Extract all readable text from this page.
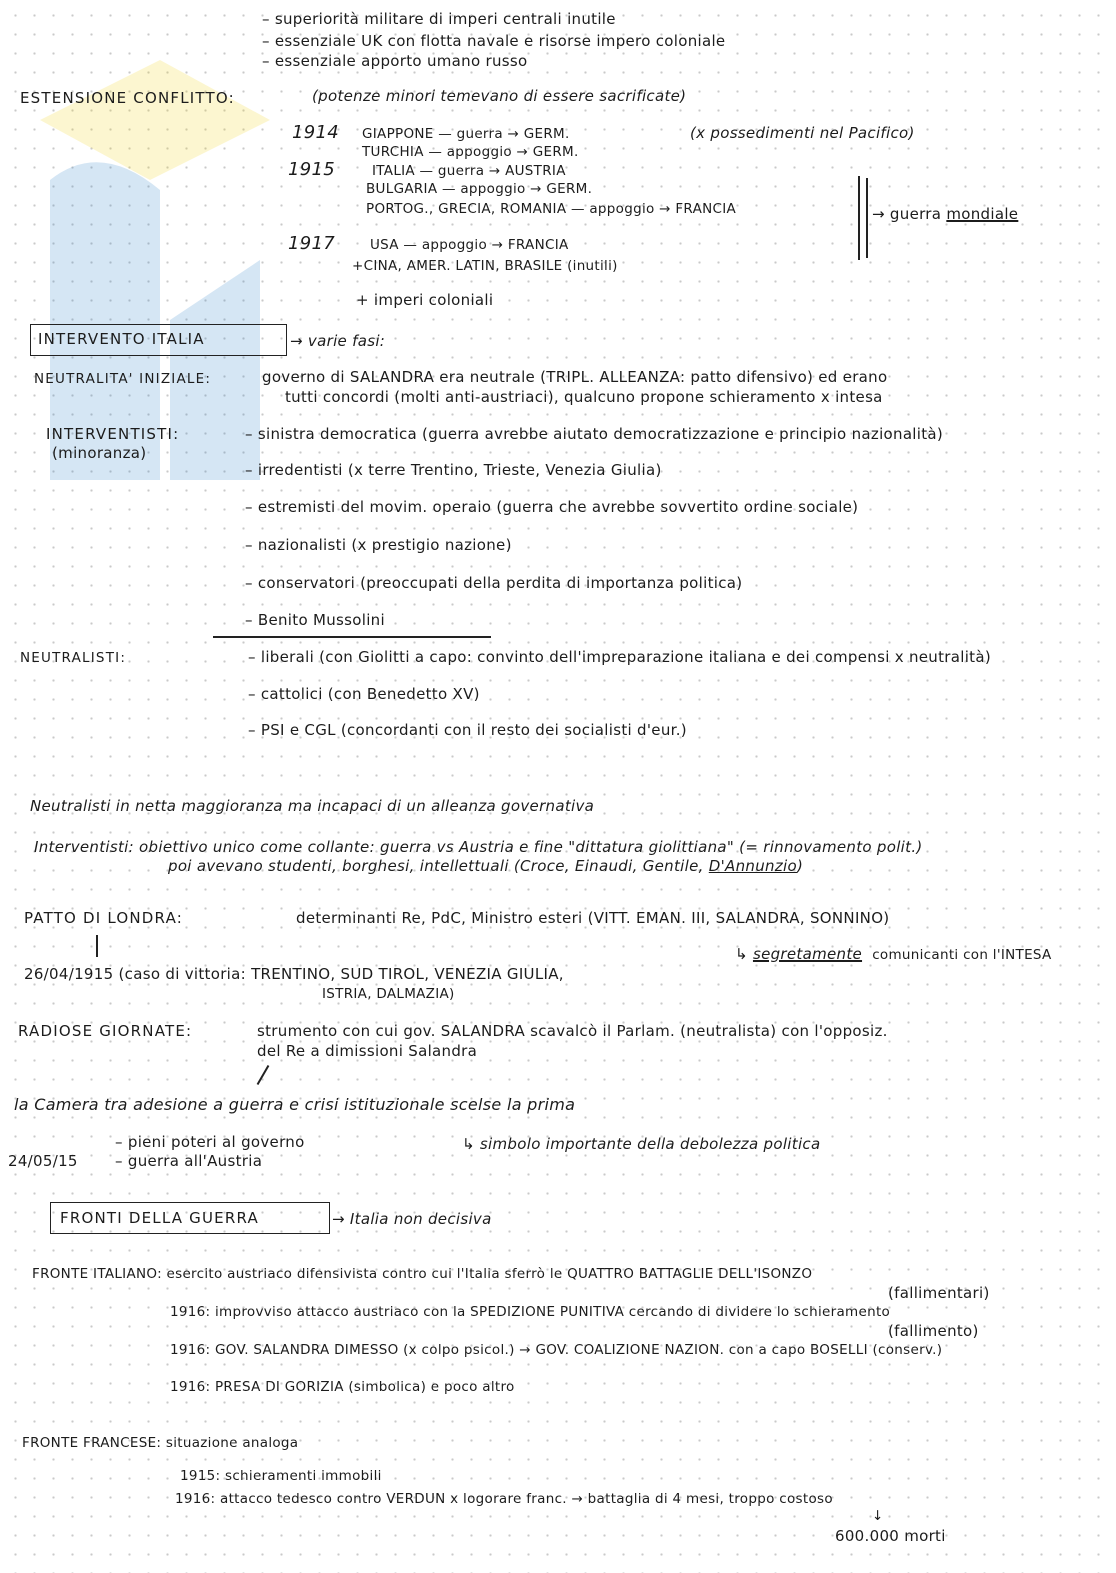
– superiorità militare di imperi centrali inutile
– essenziale UK con flotta navale e risorse impero coloniale
– essenziale apporto umano russo
ESTENSIONE CONFLITTO:	(potenze minori temevano di essere sacrificate)
1914 GIAPPONE — guerra → GERM.	(x possedimenti nel Pacifico)
TURCHIA — appoggio → GERM.
1915	ITALIA — guerra → AUSTRIA
BULGARIA — appoggio → GERM.
PORTOG., GRECIA, ROMANIA — appoggio → FRANCIA	→ guerra mondiale
1917	USA — appoggio → FRANCIA
+CINA, AMER. LATIN, BRASILE (inutili)
+ imperi coloniali
INTERVENTO ITALIA	→ varie fasi:
NEUTRALITA' INIZIALE:	governo di SALANDRA era neutrale (TRIPL. ALLEANZA: patto difensivo) ed erano
tutti concordi (molti anti-austriaci), qualcuno propone schieramento x intesa
INTERVENTISTI:
(minoranza)
– sinistra democratica (guerra avrebbe aiutato democratizzazione e principio nazionalità)
– irredentisti (x terre Trentino, Trieste, Venezia Giulia)
– estremisti del movim. operaio (guerra che avrebbe sovvertito ordine sociale)
– nazionalisti (x prestigio nazione)
– conservatori (preoccupati della perdita di importanza politica)
– Benito Mussolini
NEUTRALISTI:	– liberali (con Giolitti a capo: convinto dell'impreparazione italiana e dei compensi x neutralità)
– cattolici (con Benedetto XV)
– PSI e CGL (concordanti con il resto dei socialisti d'eur.)
Neutralisti in netta maggioranza ma incapaci di un alleanza governativa
Interventisti: obiettivo unico come collante: guerra vs Austria e fine "dittatura giolittiana" (= rinnovamento polit.)
poi avevano studenti, borghesi, intellettuali (Croce, Einaudi, Gentile, D'Annunzio)
PATTO DI LONDRA:	determinanti Re, PdC, Ministro esteri (VITT. EMAN. III, SALANDRA, SONNINO)
↳ segretamente comunicanti con l'INTESA
26/04/1915 (caso di vittoria: TRENTINO, SUD TIROL, VENEZIA GIULIA,
ISTRIA, DALMAZIA)
RADIOSE GIORNATE:	strumento con cui gov. SALANDRA scavalcò il Parlam. (neutralista) con l'opposiz.
del Re a dimissioni Salandra
la Camera tra adesione a guerra e crisi istituzionale scelse la prima
↳ simbolo importante della debolezza politica
24/05/15
– pieni poteri al governo
– guerra all'Austria
FRONTI DELLA GUERRA	→ Italia non decisiva
FRONTE ITALIANO: esercito austriaco difensivista contro cui l'Italia sferrò le QUATTRO BATTAGLIE DELL'ISONZO
(fallimentari)
1916: improvviso attacco austriaco con la SPEDIZIONE PUNITIVA cercando di dividere lo schieramento
(fallimento)
1916: GOV. SALANDRA DIMESSO (x colpo psicol.) → GOV. COALIZIONE NAZION. con a capo BOSELLI (conserv.)
1916: PRESA DI GORIZIA (simbolica) e poco altro
FRONTE FRANCESE: situazione analoga
1915: schieramenti immobili
1916: attacco tedesco contro VERDUN x logorare franc. → battaglia di 4 mesi, troppo costoso
↓
600.000 morti
